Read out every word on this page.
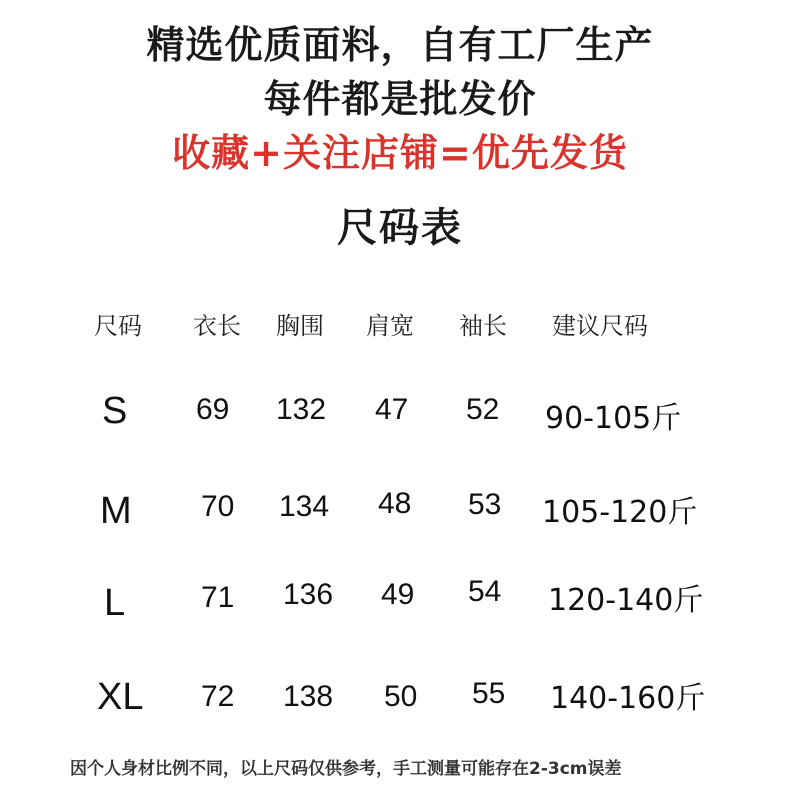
精选优质面料，自有工厂生产
每件都是批发价
收藏+关注店铺=优先发货
尺码表
尺码 衣长 胸围 肩宽 袖长 建议尺码
S 69 132 47 52 90-105斤
M 70 134 48 53 105-120斤
L	71 136 49 54 120-140斤
XL 72 138 50 55 140-160斤
因个人身材比例不同，以上尺码仅供参考，手工测量可能存在2-3cm误差
